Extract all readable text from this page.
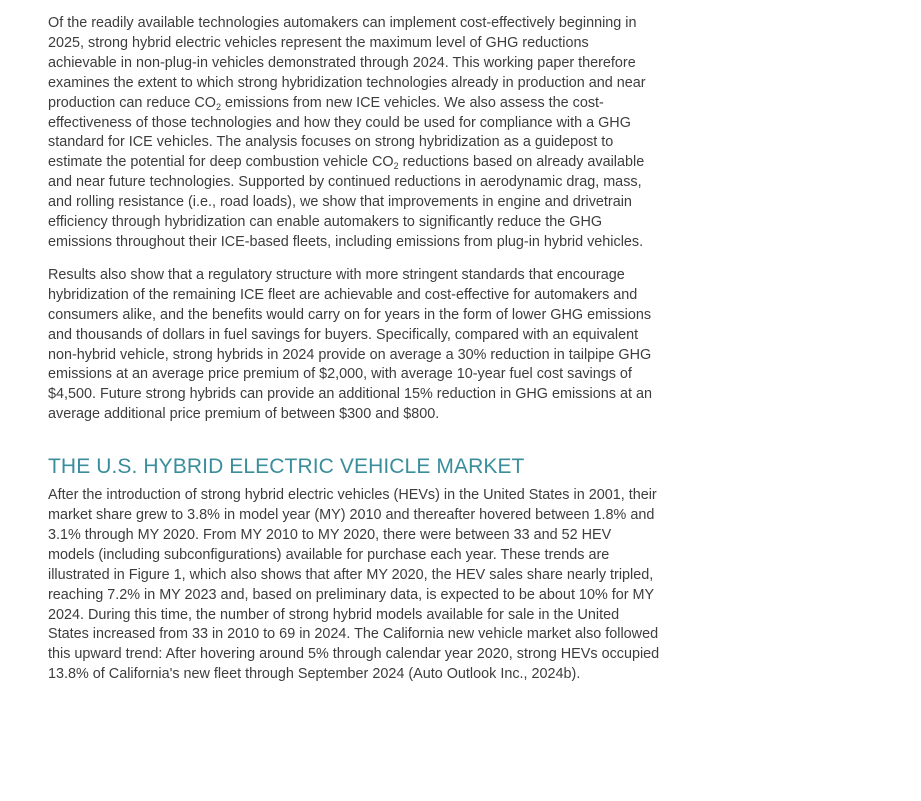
Of the readily available technologies automakers can implement cost-effectively beginning in 2025, strong hybrid electric vehicles represent the maximum level of GHG reductions achievable in non-plug-in vehicles demonstrated through 2024. This working paper therefore examines the extent to which strong hybridization technologies already in production and near production can reduce $CO_2$ emissions from new ICE vehicles. We also assess the cost-effectiveness of those technologies and how they could be used for compliance with a GHG standard for ICE vehicles. The analysis focuses on strong hybridization as a guidepost to estimate the potential for deep combustion vehicle $CO_2$ reductions based on already available and near future technologies. Supported by continued reductions in aerodynamic drag, mass, and rolling resistance (i.e., road loads), we show that improvements in engine and drivetrain efficiency through hybridization can enable automakers to significantly reduce the GHG emissions throughout their ICE-based fleets, including emissions from plug-in hybrid vehicles.

Results also show that a regulatory structure with more stringent standards that encourage hybridization of the remaining ICE fleet are achievable and cost-effective for automakers and consumers alike, and the benefits would carry on for years in the form of lower GHG emissions and thousands of dollars in fuel savings for buyers. Specifically, compared with an equivalent non-hybrid vehicle, strong hybrids in 2024 provide on average a 30% reduction in tailpipe GHG emissions at an average price premium of $2,000, with average 10-year fuel cost savings of $4,500. Future strong hybrids can provide an additional 15% reduction in GHG emissions at an average additional price premium of between $300 and $800.

THE U.S. HYBRID ELECTRIC VEHICLE MARKET

After the introduction of strong hybrid electric vehicles (HEVs) in the United States in 2001, their market share grew to 3.8% in model year (MY) 2010 and thereafter hovered between 1.8% and 3.1% through MY 2020. From MY 2010 to MY 2020, there were between 33 and 52 HEV models (including subconfigurations) available for purchase each year. These trends are illustrated in Figure 1, which also shows that after MY 2020, the HEV sales share nearly tripled, reaching 7.2% in MY 2023 and, based on preliminary data, is expected to be about 10% for MY 2024. During this time, the number of strong hybrid models available for sale in the United States increased from 33 in 2010 to 69 in 2024. The California new vehicle market also followed this upward trend: After hovering around 5% through calendar year 2020, strong HEVs occupied 13.8% of California's new fleet through September 2024 (Auto Outlook Inc., 2024b).
